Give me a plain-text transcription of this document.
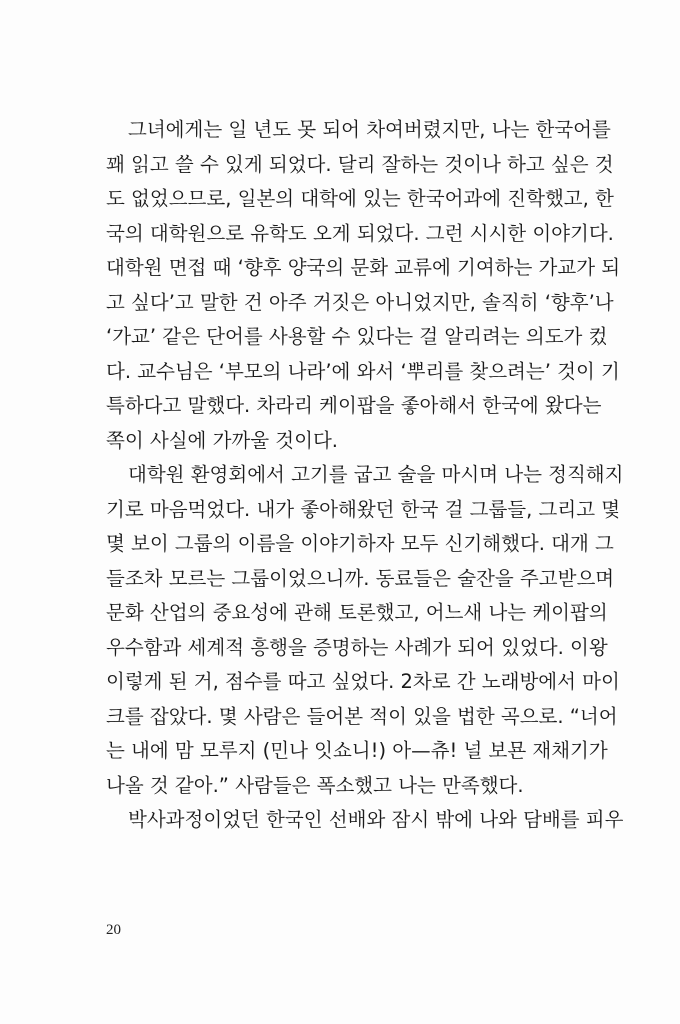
그녀에게는 일 년도 못 되어 차여버렸지만, 나는 한국어를
꽤 읽고 쓸 수 있게 되었다. 달리 잘하는 것이나 하고 싶은 것
도 없었으므로, 일본의 대학에 있는 한국어과에 진학했고, 한
국의 대학원으로 유학도 오게 되었다. 그런 시시한 이야기다.
대학원 면접 때 ‘향후 양국의 문화 교류에 기여하는 가교가 되
고 싶다’고 말한 건 아주 거짓은 아니었지만, 솔직히 ‘향후’나
‘가교’ 같은 단어를 사용할 수 있다는 걸 알리려는 의도가 컸
다. 교수님은 ‘부모의 나라’에 와서 ‘뿌리를 찾으려는’ 것이 기
특하다고 말했다. 차라리 케이팝을 좋아해서 한국에 왔다는
쪽이 사실에 가까울 것이다.
대학원 환영회에서 고기를 굽고 술을 마시며 나는 정직해지
기로 마음먹었다. 내가 좋아해왔던 한국 걸 그룹들, 그리고 몇
몇 보이 그룹의 이름을 이야기하자 모두 신기해했다. 대개 그
들조차 모르는 그룹이었으니까. 동료들은 술잔을 주고받으며
문화 산업의 중요성에 관해 토론했고, 어느새 나는 케이팝의
우수함과 세계적 흥행을 증명하는 사례가 되어 있었다. 이왕
이렇게 된 거, 점수를 따고 싶었다. 2차로 간 노래방에서 마이
크를 잡았다. 몇 사람은 들어본 적이 있을 법한 곡으로. “너어
는 내에 맘 모루지 (민나 잇쇼니!) 아—츄! 널 보묜 재채기가
나올 것 같아.” 사람들은 폭소했고 나는 만족했다.
박사과정이었던 한국인 선배와 잠시 밖에 나와 담배를 피우
20
